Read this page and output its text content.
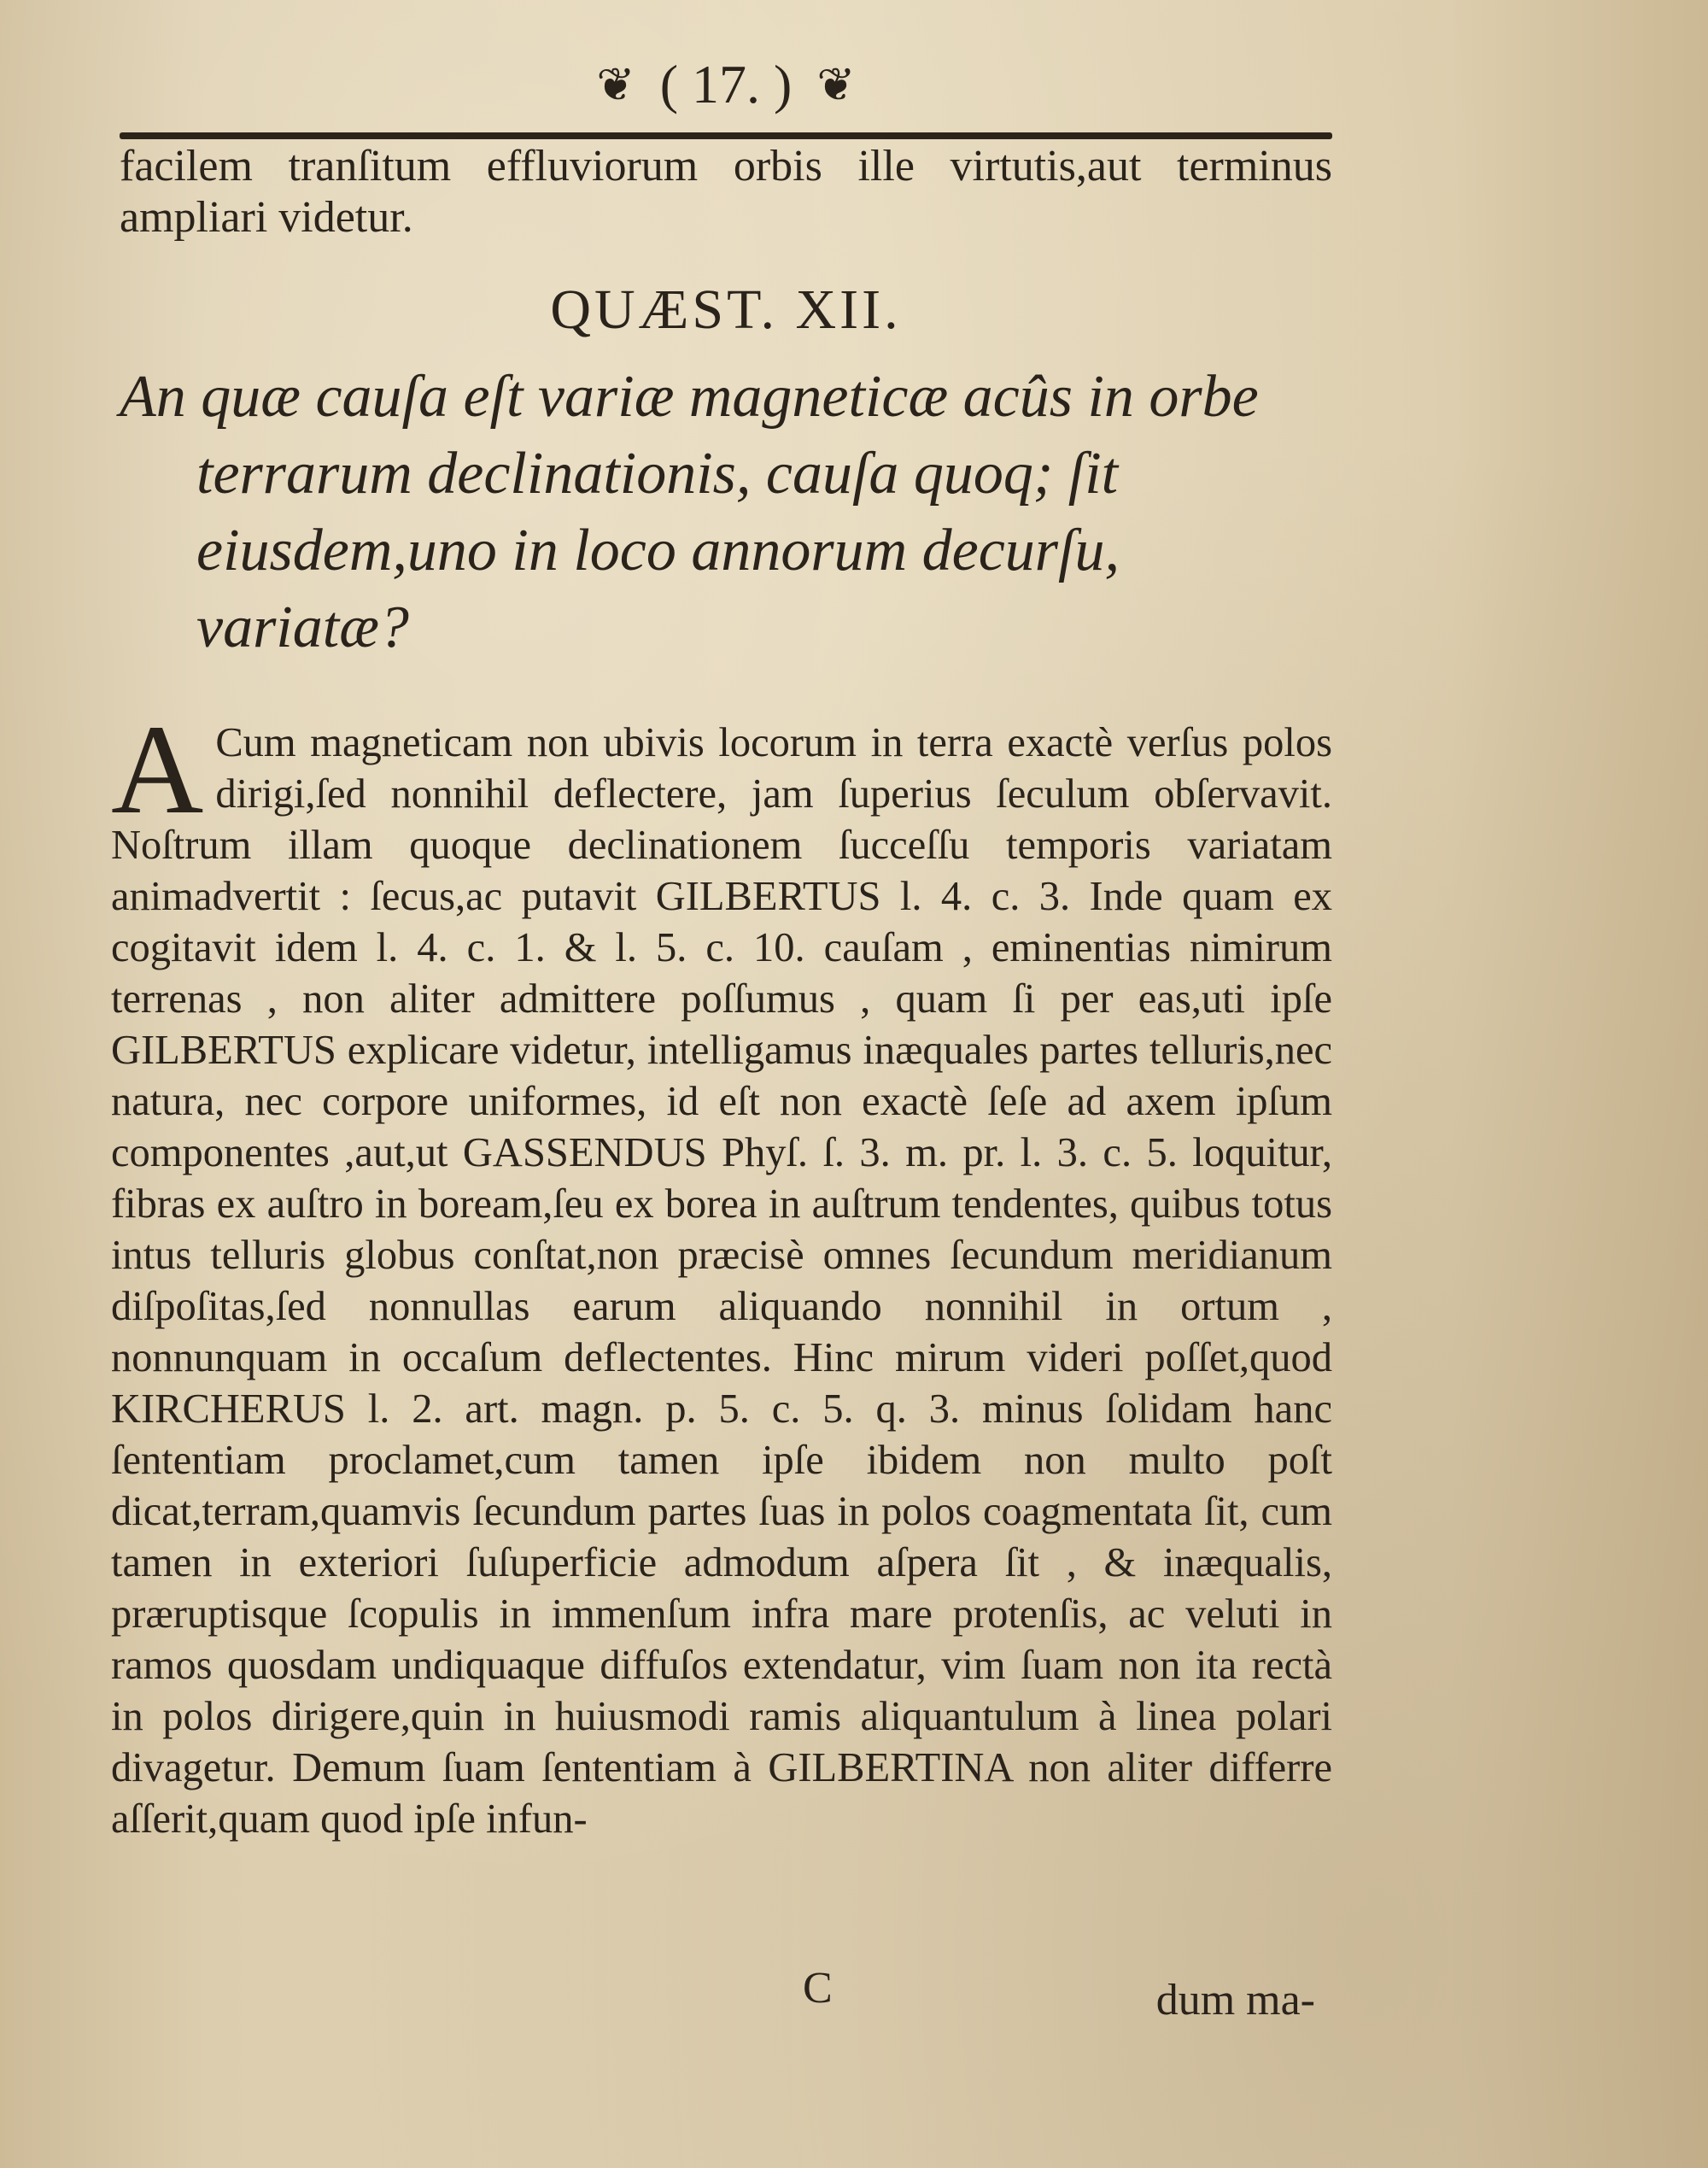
❦ ( 17. ) ❦
facilem tranſitum effluviorum orbis ille virtutis,aut terminus ampliari videtur.
QUÆST. XII.
An quæ cauſa eſt variæ magneticæ acûs in orbe terrarum declinationis, cauſa quoq; ſit eiusdem,uno in loco annorum decurſu, variatæ?
A Cum magneticam non ubivis locorum in terra exactè verſus polos dirigi,ſed nonnihil deflectere, jam ſuperius ſeculum obſervavit. Noſtrum illam quoque declinationem ſucceſſu temporis variatam animadvertit : ſecus,ac putavit GILBERTUS l. 4. c. 3. Inde quam ex cogitavit idem l. 4. c. 1. & l. 5. c. 10. cauſam , eminentias nimirum terrenas , non aliter admittere poſſumus , quam ſi per eas,uti ipſe GILBERTUS explicare videtur, intelligamus inæquales partes telluris,nec natura, nec corpore uniformes, id eſt non exactè ſeſe ad axem ipſum componentes ,aut,ut GASSENDUS Phyſ. ſ. 3. m. pr. l. 3. c. 5. loquitur, fibras ex auſtro in boream,ſeu ex borea in auſtrum tendentes, quibus totus intus telluris globus conſtat,non præcisè omnes ſecundum meridianum diſpoſitas,ſed nonnullas earum aliquando nonnihil in ortum , nonnunquam in occaſum deflectentes. Hinc mirum videri poſſet,quod KIRCHERUS l. 2. art. magn. p. 5. c. 5. q. 3. minus ſolidam hanc ſententiam proclamet,cum tamen ipſe ibidem non multo poſt dicat,terram,quamvis ſecundum partes ſuas in polos coagmentata ſit, cum tamen in exteriori ſuſuperficie admodum aſpera ſit , & inæqualis, præruptisque ſcopulis in immenſum infra mare protenſis, ac veluti in ramos quosdam undiquaque diffuſos extendatur, vim ſuam non ita rectà in polos dirigere,quin in huiusmodi ramis aliquantulum à linea polari divagetur. Demum ſuam ſententiam à GILBERTINA non aliter differre aſſerit,quam quod ipſe infun-
C	dum ma-
